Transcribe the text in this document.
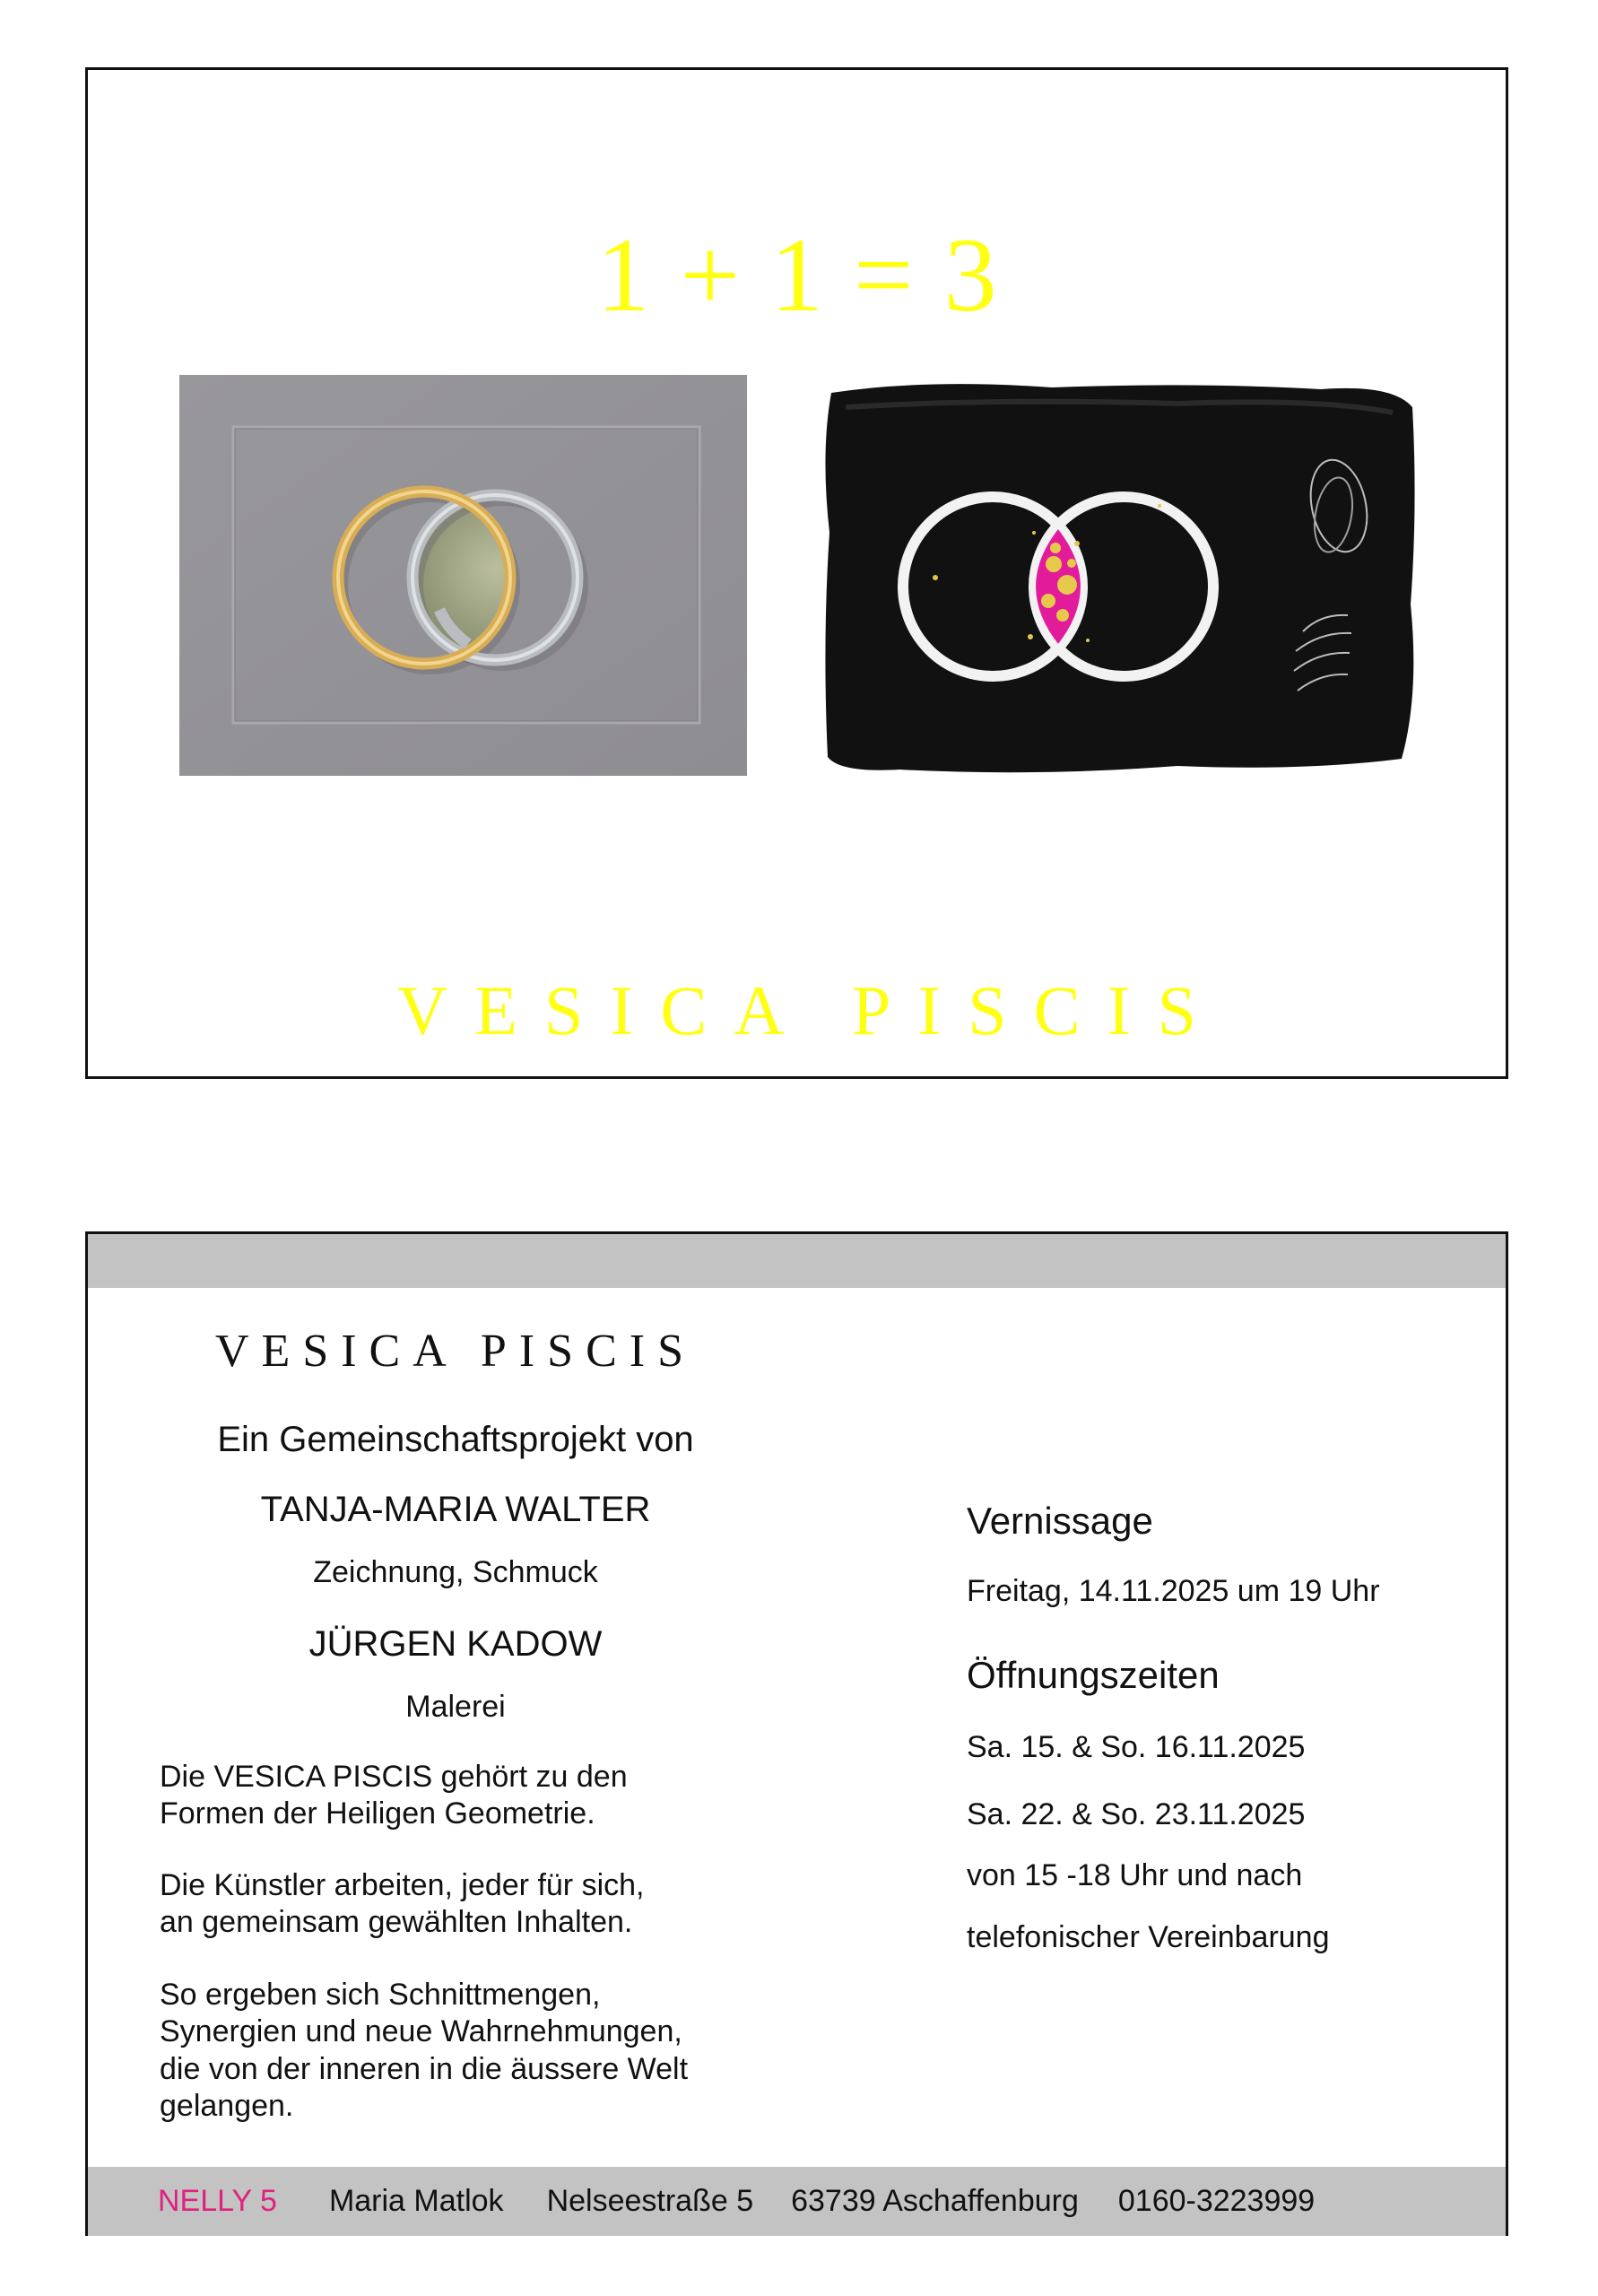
1 + 1 = 3
VESICA PISCIS
VESICA PISCIS
Ein Gemeinschaftsprojekt von
TANJA-MARIA WALTER
Zeichnung, Schmuck
JÜRGEN KADOW
Malerei
Die VESICA PISCIS gehört zu den
Formen der Heiligen Geometrie.
Die Künstler arbeiten, jeder für sich,
an gemeinsam gewählten Inhalten.
So ergeben sich Schnittmengen,
Synergien und neue Wahrnehmungen,
die von der inneren in die äussere Welt
gelangen.
Vernissage
Freitag, 14.11.2025 um 19 Uhr
Öffnungszeiten
Sa. 15. & So. 16.11.2025
Sa. 22. & So. 23.11.2025
von 15 -18 Uhr und nach
telefonischer Vereinbarung
NELLY 5 Maria Matlok Nelseestraße 5 63739 Aschaffenburg 0160-3223999
